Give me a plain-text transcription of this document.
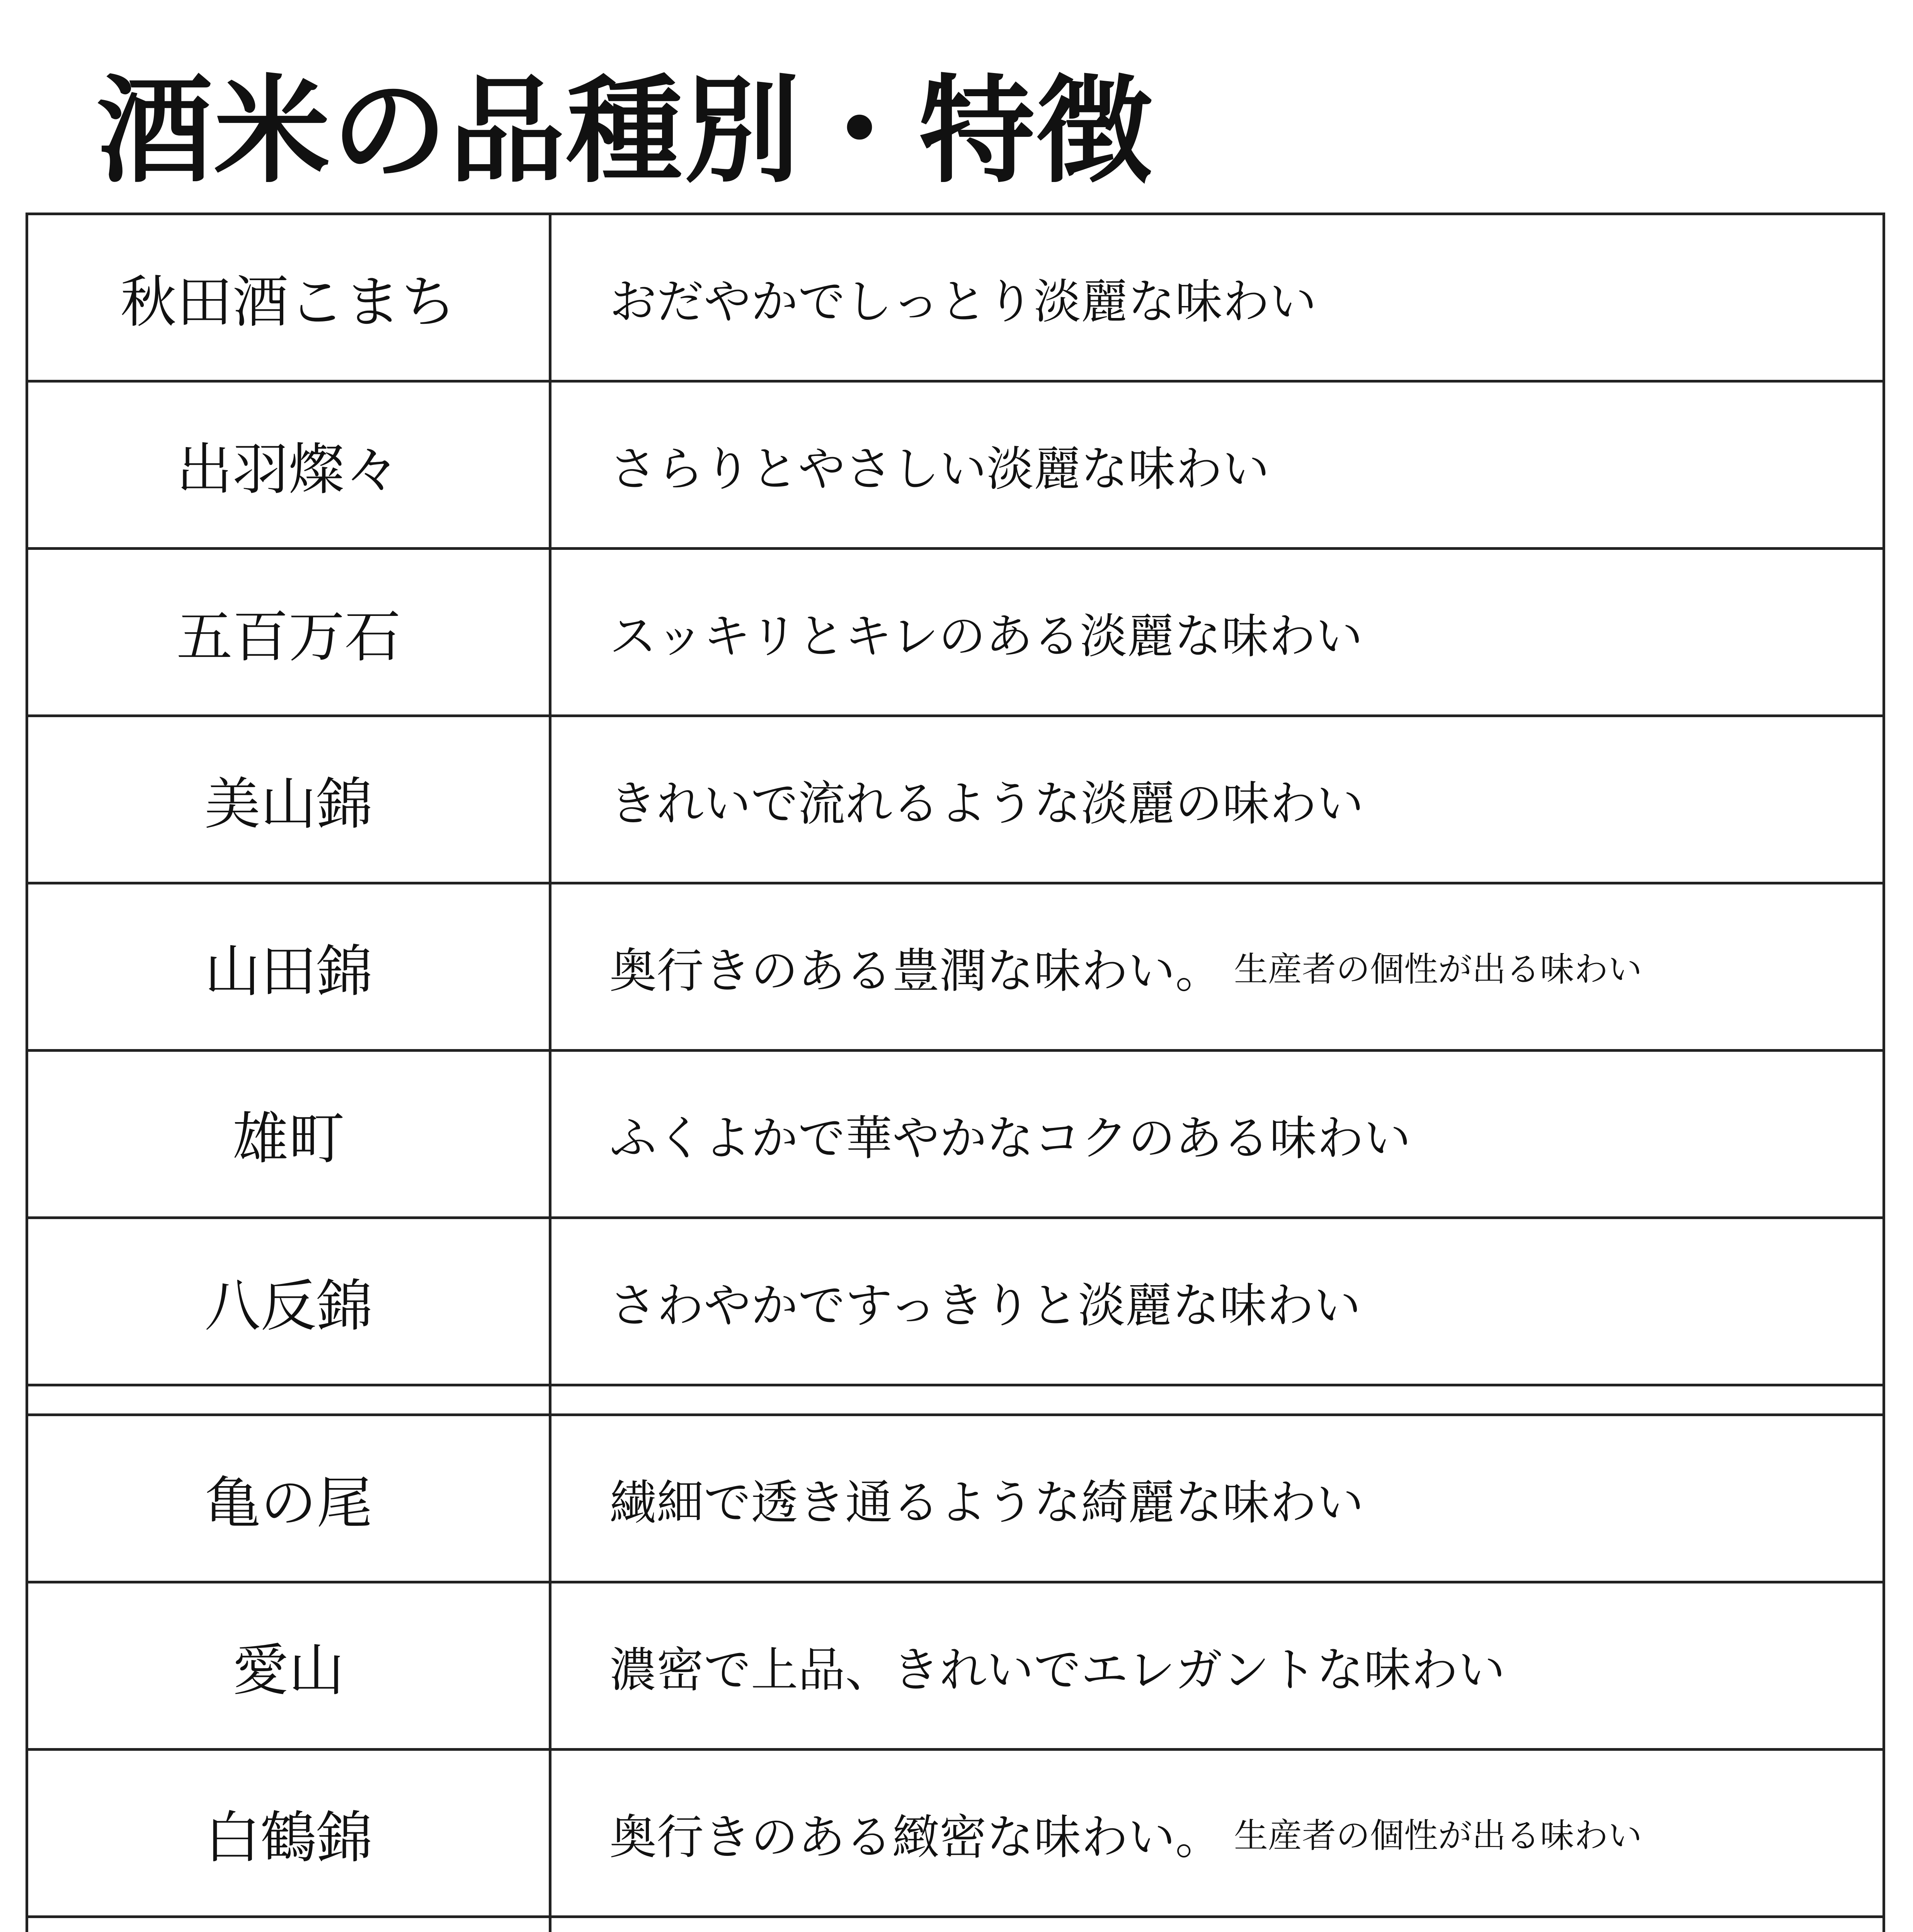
酒米の品種別・特徴
秋田酒こまち	おだやかでしっとり淡麗な味わい
出羽燦々	さらりとやさしい淡麗な味わい
五百万石	スッキリとキレのある淡麗な味わい
美山錦	きれいで流れるような淡麗の味わい
山田錦	奥行きのある豊潤な味わい。 生産者の個性が出る味わい
雄町	ふくよかで華やかなコクのある味わい
八反錦	さわやかですっきりと淡麗な味わい
亀の尾	繊細で透き通るような綺麗な味わい
愛山	濃密で上品、きれいでエレガントな味わい
白鶴錦	奥行きのある緻密な味わい。 生産者の個性が出る味わい
